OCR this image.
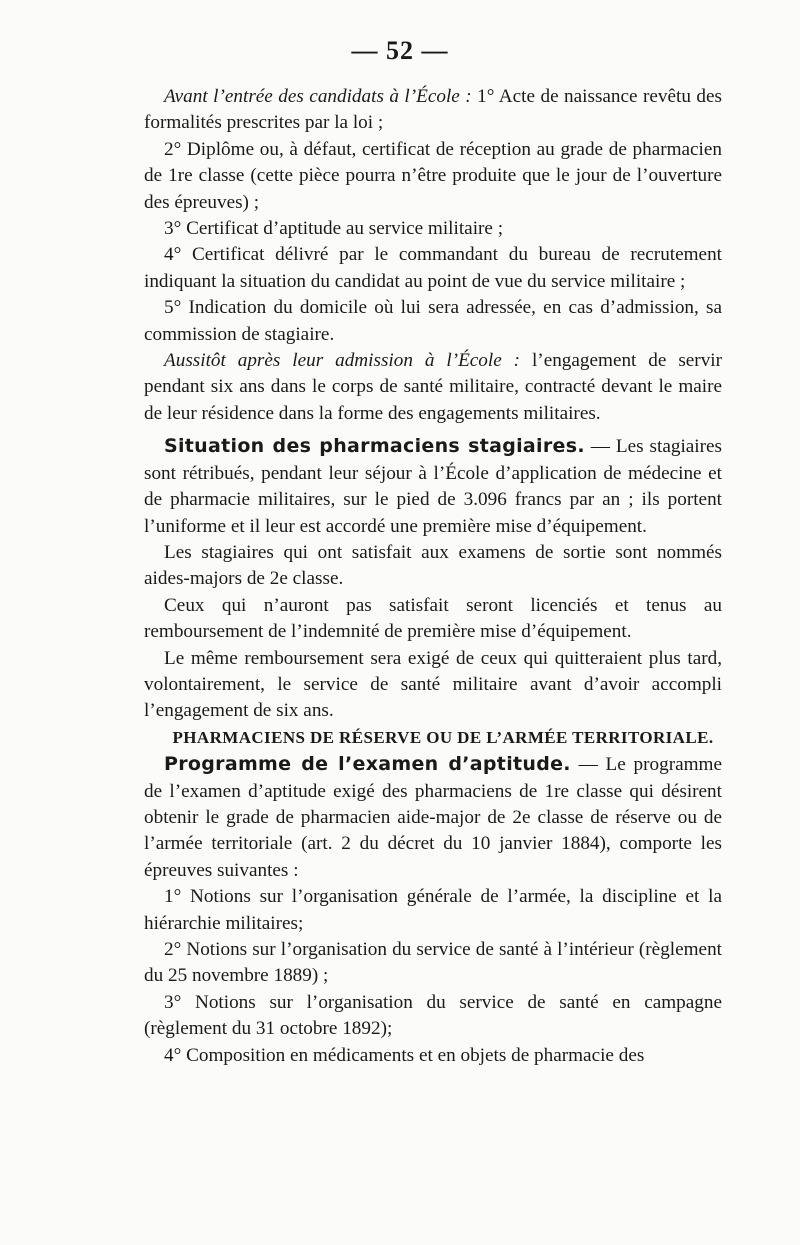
— 52 —

Avant l’entrée des candidats à l’École : 1° Acte de naissance revêtu des formalités prescrites par la loi ;

2° Diplôme ou, à défaut, certificat de réception au grade de pharmacien de 1re classe (cette pièce pourra n’être produite que le jour de l’ouverture des épreuves) ;

3° Certificat d’aptitude au service militaire ;

4° Certificat délivré par le commandant du bureau de recrutement indiquant la situation du candidat au point de vue du service militaire ;

5° Indication du domicile où lui sera adressée, en cas d’admission, sa commission de stagiaire.

Aussitôt après leur admission à l’École : l’engagement de servir pendant six ans dans le corps de santé militaire, contracté devant le maire de leur résidence dans la forme des engagements militaires.

Situation des pharmaciens stagiaires. — Les stagiaires sont rétribués, pendant leur séjour à l’École d’application de médecine et de pharmacie militaires, sur le pied de 3.096 francs par an ; ils portent l’uniforme et il leur est accordé une première mise d’équipement.

Les stagiaires qui ont satisfait aux examens de sortie sont nommés aides-majors de 2e classe.

Ceux qui n’auront pas satisfait seront licenciés et tenus au remboursement de l’indemnité de première mise d’équipement.

Le même remboursement sera exigé de ceux qui quitteraient plus tard, volontairement, le service de santé militaire avant d’avoir accompli l’engagement de six ans.

PHARMACIENS DE RÉSERVE OU DE L’ARMÉE TERRITORIALE.

Programme de l’examen d’aptitude. — Le programme de l’examen d’aptitude exigé des pharmaciens de 1re classe qui désirent obtenir le grade de pharmacien aide-major de 2e classe de réserve ou de l’armée territoriale (art. 2 du décret du 10 janvier 1884), comporte les épreuves suivantes :

1° Notions sur l’organisation générale de l’armée, la discipline et la hiérarchie militaires;

2° Notions sur l’organisation du service de santé à l’intérieur (règlement du 25 novembre 1889) ;

3° Notions sur l’organisation du service de santé en campagne (règlement du 31 octobre 1892);

4° Composition en médicaments et en objets de pharmacie des
